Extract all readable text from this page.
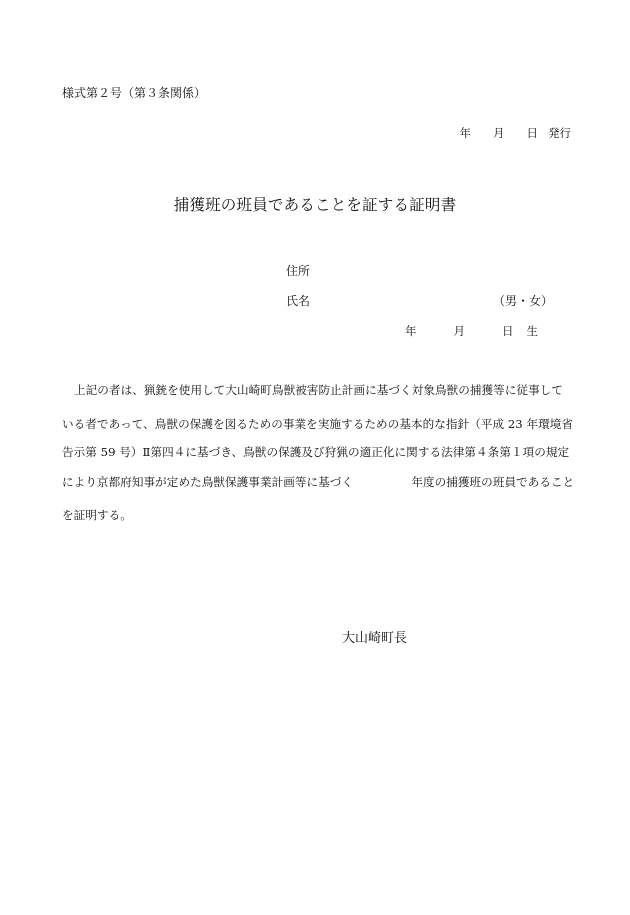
様式第２号（第３条関係）
年 月 日 発行
捕獲班の班員であることを証する証明書
住所
氏名	（男・女）
年	月	日 生
上記の者は、猟銃を使用して大山崎町鳥獣被害防止計画に基づく対象鳥獣の捕獲等に従事して
いる者であって、鳥獣の保護を図るための事業を実施するための基本的な指針（平成 23 年環境省
告示第 59 号）Ⅱ第四４に基づき、鳥獣の保護及び狩猟の適正化に関する法律第４条第１項の規定
により京都府知事が定めた鳥獣保護事業計画等に基づく　　　　　年度の捕獲班の班員であること
を証明する。
大山崎町長
